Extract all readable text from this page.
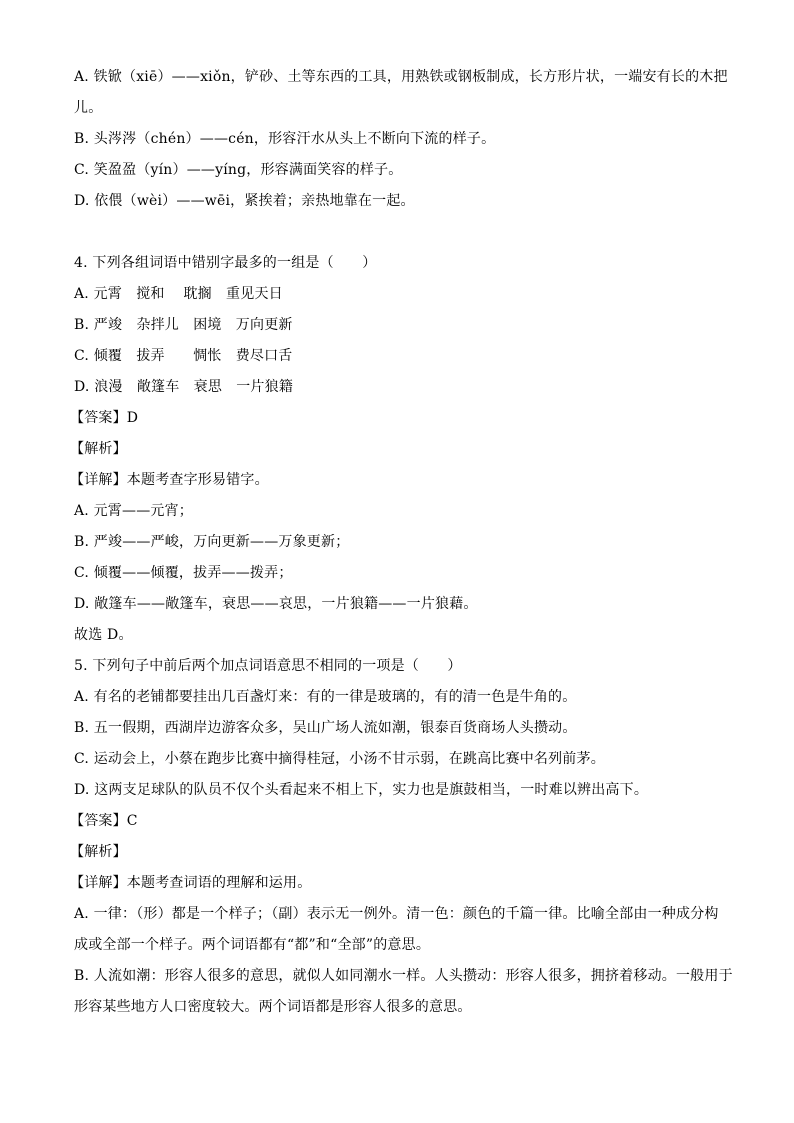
A. 铁锨（xiē）——xiǒn，铲砂、土等东西的工具，用熟铁或钢板制成，长方形片状，一端安有长的木把
儿。
B. 头涔涔（chén）——cén，形容汗水从头上不断向下流的样子。
C. 笑盈盈（yín）——yíng，形容满面笑容的样子。
D. 依偎（wèi）——wēi，紧挨着；亲热地靠在一起。
4. 下列各组词语中错别字最多的一组是（　　）
A. 元霄　搅和　 耽搁　重见天日
B. 严竣　杂拌儿　困境　万向更新
C. 倾覆　拔弄　　惆怅　费尽口舌
D. 浪漫　敞篷车　衰思　一片狼籍
【答案】D
【解析】
【详解】本题考查字形易错字。
A. 元霄——元宵；
B. 严竣——严峻，万向更新——万象更新；
C. 倾覆——倾覆，拔弄——拨弄；
D. 敞篷车——敞篷车，衰思——哀思，一片狼籍——一片狼藉。
故选 D。
5. 下列句子中前后两个加点词语意思不相同的一项是（　　）
A. 有名的老铺都要挂出几百盏灯来：有的一律是玻璃的，有的清一色是牛角的。
B. 五一假期，西湖岸边游客众多，吴山广场人流如潮，银泰百货商场人头攒动。
C. 运动会上，小蔡在跑步比赛中摘得桂冠，小汤不甘示弱，在跳高比赛中名列前茅。
D. 这两支足球队的队员不仅个头看起来不相上下，实力也是旗鼓相当，一时难以辨出高下。
【答案】C
【解析】
【详解】本题考查词语的理解和运用。
A. 一律：（形）都是一个样子；（副）表示无一例外。清一色：颜色的千篇一律。比喻全部由一种成分构
成或全部一个样子。两个词语都有“都”和“全部”的意思。
B. 人流如潮：形容人很多的意思，就似人如同潮水一样。人头攒动：形容人很多，拥挤着移动。一般用于
形容某些地方人口密度较大。两个词语都是形容人很多的意思。
